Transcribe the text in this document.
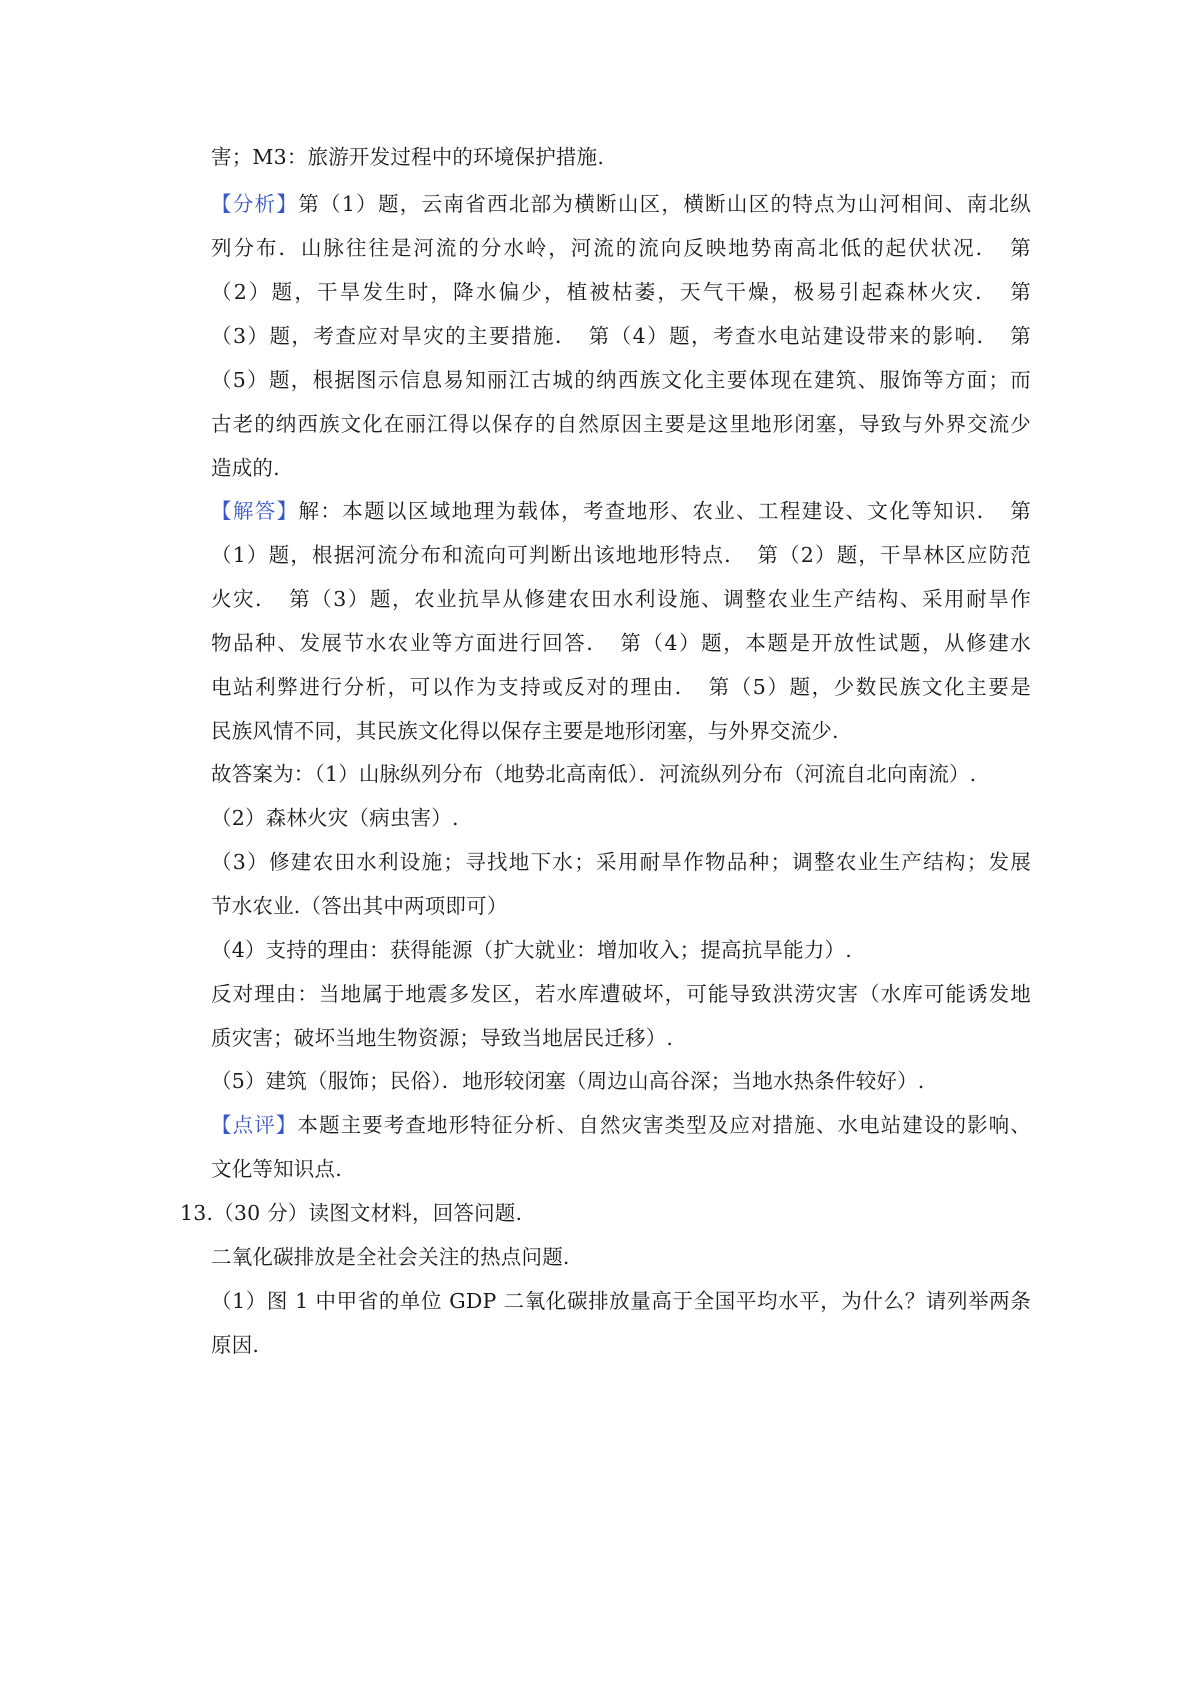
害；M3：旅游开发过程中的环境保护措施.
【分析】第（1）题，云南省西北部为横断山区，横断山区的特点为山河相间、南北纵
列分布．山脉往往是河流的分水岭，河流的流向反映地势南高北低的起伏状况．　第
（2）题，干旱发生时，降水偏少，植被枯萎，天气干燥，极易引起森林火灾．　第
（3）题，考查应对旱灾的主要措施．　第（4）题，考查水电站建设带来的影响．　第
（5）题，根据图示信息易知丽江古城的纳西族文化主要体现在建筑、服饰等方面；而
古老的纳西族文化在丽江得以保存的自然原因主要是这里地形闭塞，导致与外界交流少
造成的.
【解答】解：本题以区域地理为载体，考查地形、农业、工程建设、文化等知识．　第
（1）题，根据河流分布和流向可判断出该地地形特点．　第（2）题，干旱林区应防范
火灾．　第（3）题，农业抗旱从修建农田水利设施、调整农业生产结构、采用耐旱作
物品种、发展节水农业等方面进行回答．　第（4）题，本题是开放性试题，从修建水
电站利弊进行分析，可以作为支持或反对的理由．　第（5）题，少数民族文化主要是
民族风情不同，其民族文化得以保存主要是地形闭塞，与外界交流少.
故答案为：（1）山脉纵列分布（地势北高南低）．河流纵列分布（河流自北向南流）.
（2）森林火灾（病虫害）.
（3）修建农田水利设施；寻找地下水；采用耐旱作物品种；调整农业生产结构；发展
节水农业.（答出其中两项即可）
（4）支持的理由：获得能源（扩大就业：增加收入；提高抗旱能力）.
反对理由：当地属于地震多发区，若水库遭破坏，可能导致洪涝灾害（水库可能诱发地
质灾害；破坏当地生物资源；导致当地居民迁移）.
（5）建筑（服饰；民俗）．地形较闭塞（周边山高谷深；当地水热条件较好）.
【点评】本题主要考查地形特征分析、自然灾害类型及应对措施、水电站建设的影响、
文化等知识点.
13.（30 分）读图文材料，回答问题.
二氧化碳排放是全社会关注的热点问题.
（1）图 1 中甲省的单位 GDP 二氧化碳排放量高于全国平均水平，为什么？请列举两条
原因.
